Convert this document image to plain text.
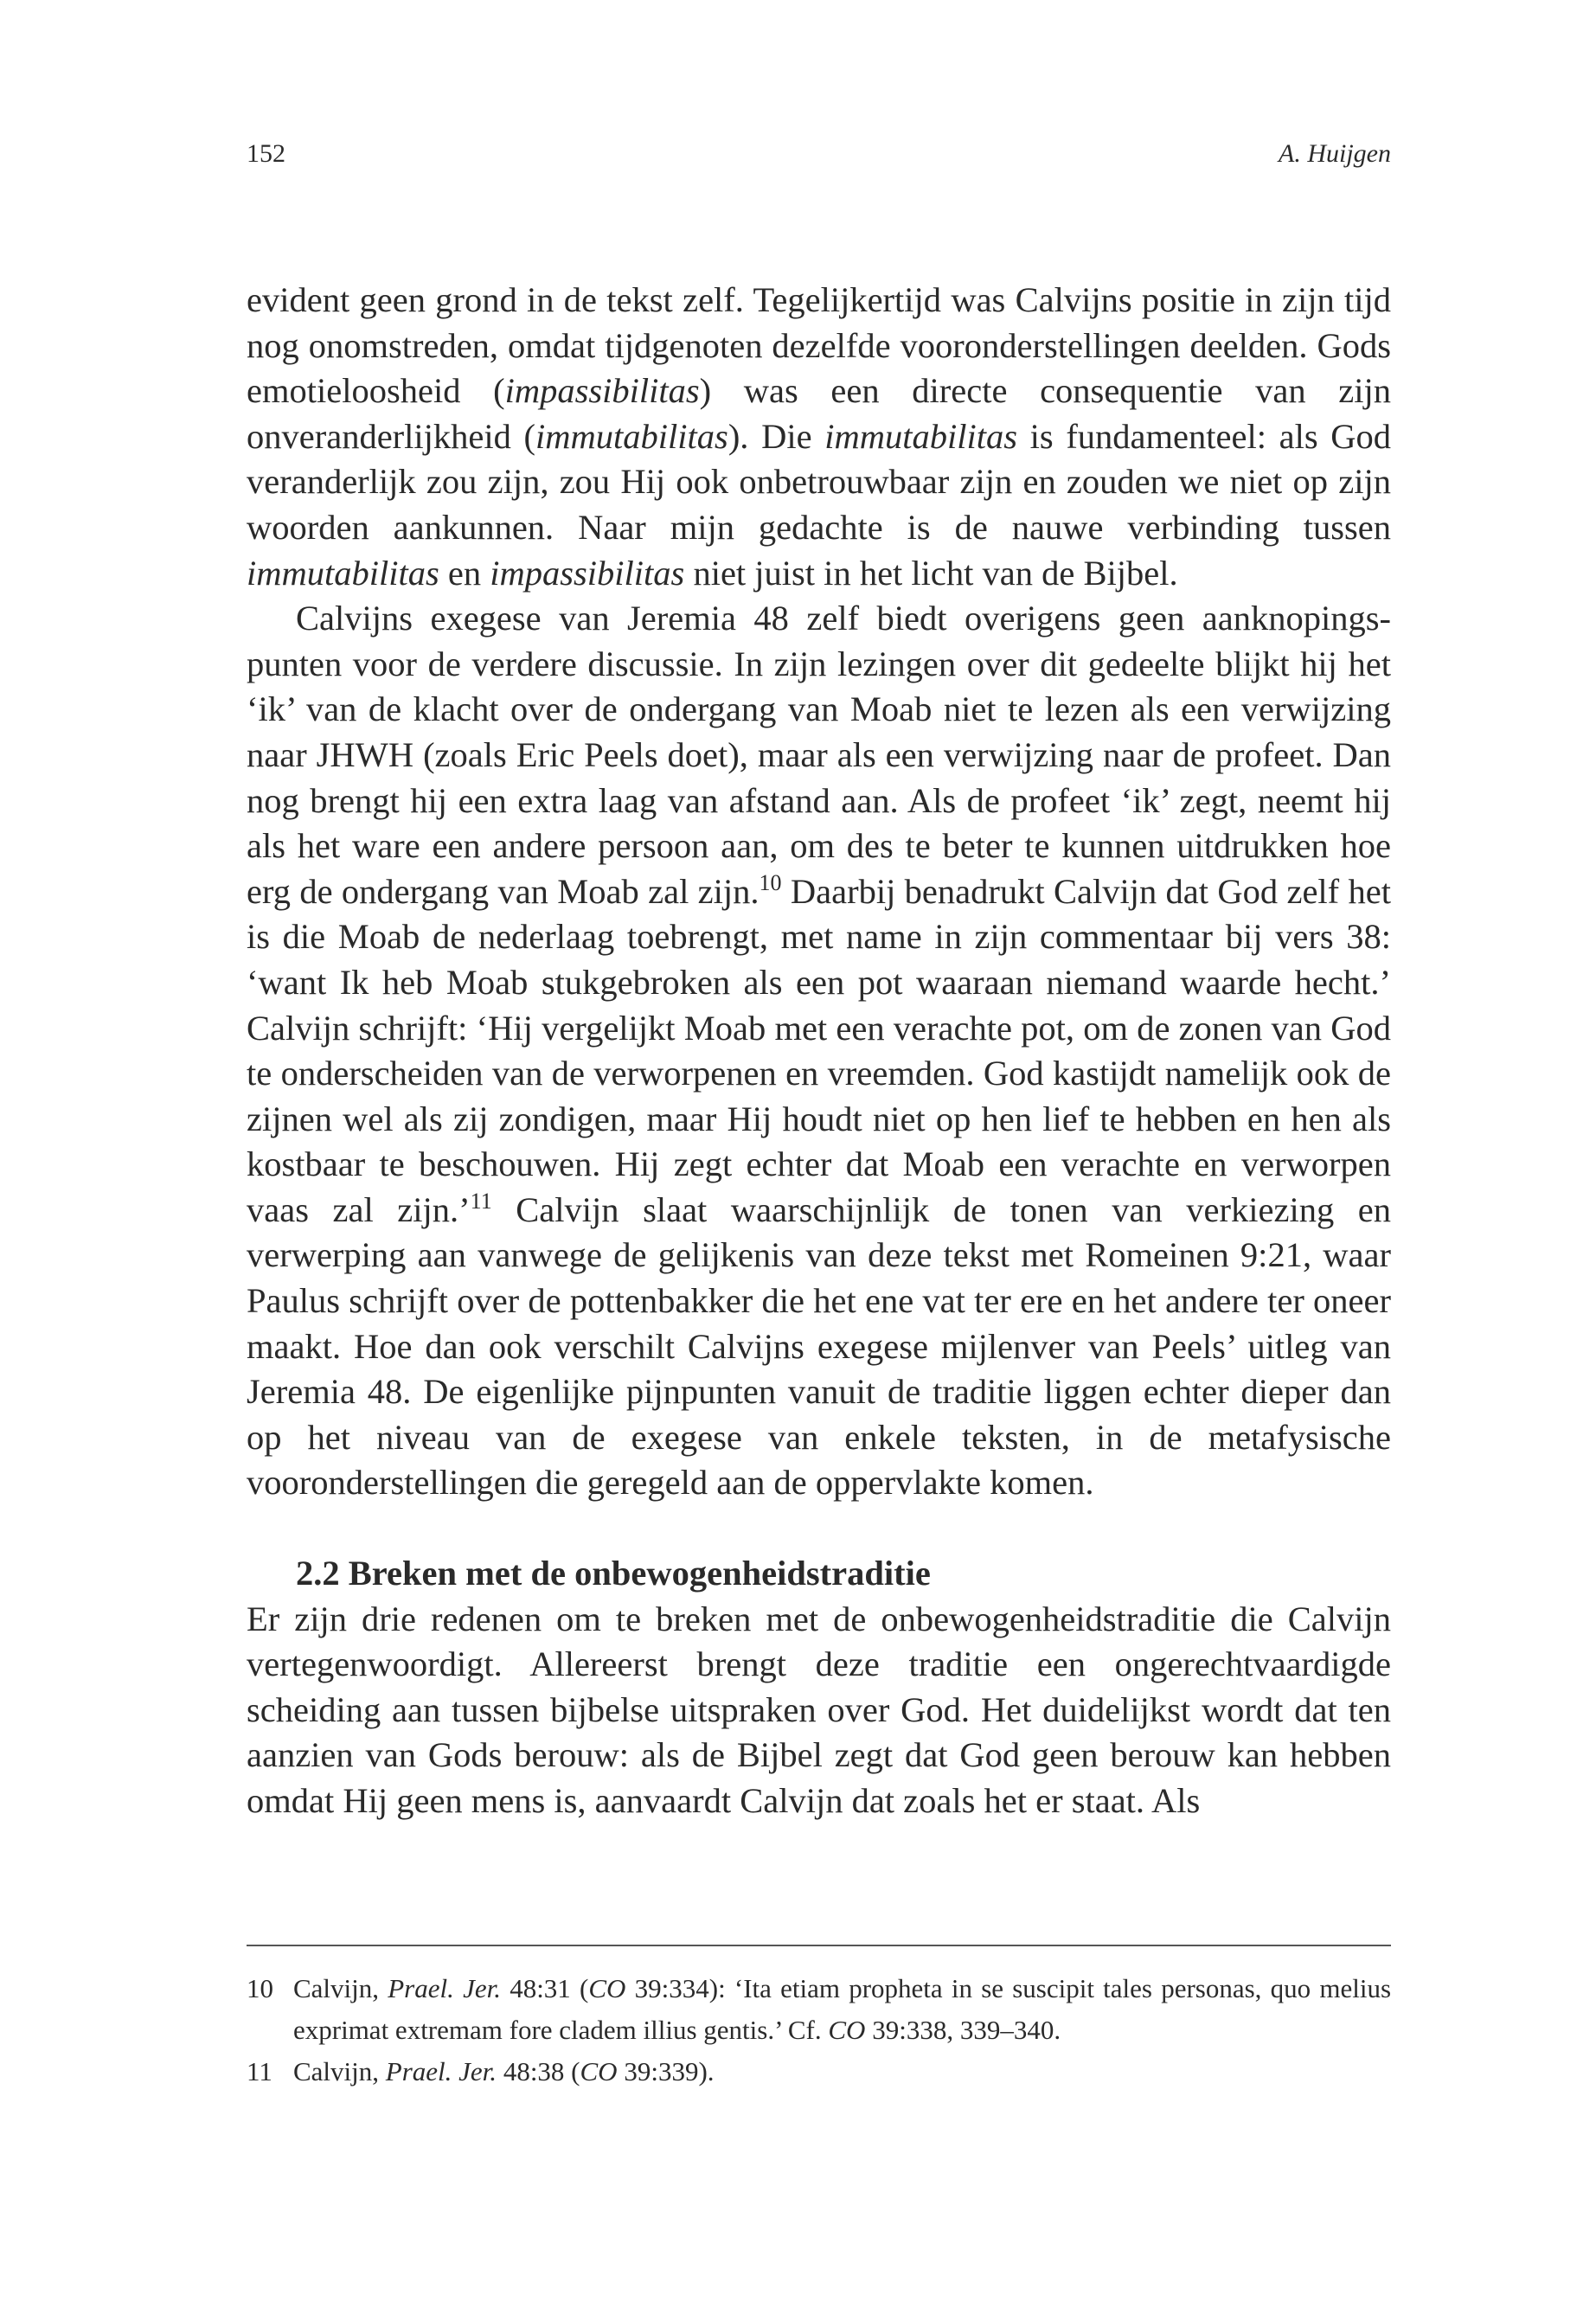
152	A. Huijgen

evident geen grond in de tekst zelf. Tegelijkertijd was Calvijns positie in zijn tijd nog onomstreden, omdat tijdgenoten dezelfde vooronderstellingen deelden. Gods emotieloosheid (impassibilitas) was een directe consequentie van zijn onveranderlijkheid (immutabilitas). Die immutabilitas is fundamenteel: als God veranderlijk zou zijn, zou Hij ook onbetrouwbaar zijn en zouden we niet op zijn woorden aankunnen. Naar mijn gedachte is de nauwe verbinding tussen immutabilitas en impassibilitas niet juist in het licht van de Bijbel.

Calvijns exegese van Jeremia 48 zelf biedt overigens geen aanknopingspunten voor de verdere discussie. In zijn lezingen over dit gedeelte blijkt hij het ‘ik’ van de klacht over de ondergang van Moab niet te lezen als een verwijzing naar JHWH (zoals Eric Peels doet), maar als een verwijzing naar de profeet. Dan nog brengt hij een extra laag van afstand aan. Als de profeet ‘ik’ zegt, neemt hij als het ware een andere persoon aan, om des te beter te kunnen uitdrukken hoe erg de ondergang van Moab zal zijn.$^{10}$ Daarbij benadrukt Calvijn dat God zelf het is die Moab de nederlaag toebrengt, met name in zijn commentaar bij vers 38: ‘want Ik heb Moab stukgebroken als een pot waaraan niemand waarde hecht.’ Calvijn schrijft: ‘Hij vergelijkt Moab met een verachte pot, om de zonen van God te onderscheiden van de verworpenen en vreemden. God kastijdt namelijk ook de zijnen wel als zij zondigen, maar Hij houdt niet op hen lief te hebben en hen als kostbaar te beschouwen. Hij zegt echter dat Moab een verachte en verworpen vaas zal zijn.’$^{11}$ Calvijn slaat waarschijnlijk de tonen van verkiezing en verwerping aan vanwege de gelijkenis van deze tekst met Romeinen 9:21, waar Paulus schrijft over de pottenbakker die het ene vat ter ere en het andere ter oneer maakt. Hoe dan ook verschilt Calvijns exegese mijlenver van Peels’ uitleg van Jeremia 48. De eigenlijke pijnpunten vanuit de traditie liggen echter dieper dan op het niveau van de exegese van enkele teksten, in de metafysische vooronderstellingen die geregeld aan de oppervlakte komen.

2.2 Breken met de onbewogenheidstraditie

Er zijn drie redenen om te breken met de onbewogenheidstraditie die Calvijn vertegenwoordigt. Allereerst brengt deze traditie een ongerechtvaardigde scheiding aan tussen bijbelse uitspraken over God. Het duidelijkst wordt dat ten aanzien van Gods berouw: als de Bijbel zegt dat God geen berouw kan hebben omdat Hij geen mens is, aanvaardt Calvijn dat zoals het er staat. Als

10 Calvijn, Prael. Jer. 48:31 (CO 39:334): ‘Ita etiam propheta in se suscipit tales personas, quo melius exprimat extremam fore cladem illius gentis.’ Cf. CO 39:338, 339–340.

11 Calvijn, Prael. Jer. 48:38 (CO 39:339).
